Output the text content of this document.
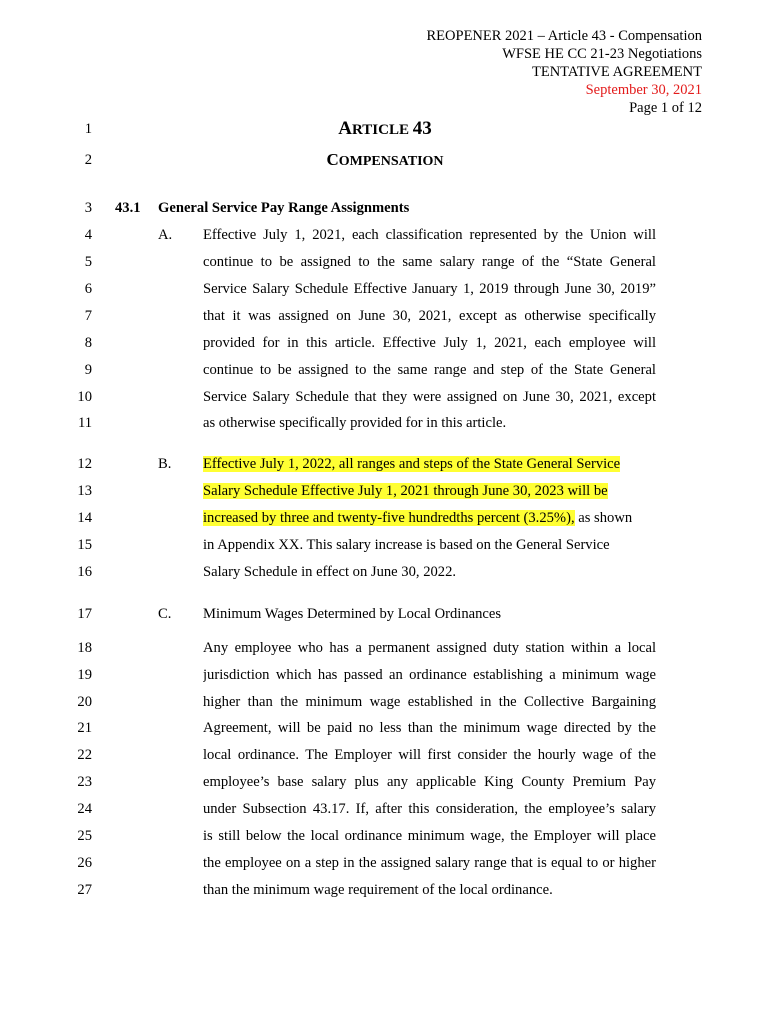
REOPENER 2021 – Article 43 - Compensation
WFSE HE CC 21-23 Negotiations
TENTATIVE AGREEMENT
September 30, 2021
Page 1 of 12
1	ARTICLE 43
2	COMPENSATION
3 43.1 General Service Pay Range Assignments
4	A. Effective July 1, 2021, each classification represented by the Union will
5	continue to be assigned to the same salary range of the “State General
6	Service Salary Schedule Effective January 1, 2019 through June 30, 2019”
7	that it was assigned on June 30, 2021, except as otherwise specifically
8	provided for in this article. Effective July 1, 2021, each employee will
9	continue to be assigned to the same range and step of the State General
10	Service Salary Schedule that they were assigned on June 30, 2021, except
11	as otherwise specifically provided for in this article.
12	B. Effective July 1, 2022, all ranges and steps of the State General Service
13	Salary Schedule Effective July 1, 2021 through June 30, 2023 will be
14	increased by three and twenty-five hundredths percent (3.25%), as shown
15	in Appendix XX. This salary increase is based on the General Service
16	Salary Schedule in effect on June 30, 2022.
17	C. Minimum Wages Determined by Local Ordinances
18	Any employee who has a permanent assigned duty station within a local
19	jurisdiction which has passed an ordinance establishing a minimum wage
20	higher than the minimum wage established in the Collective Bargaining
21	Agreement, will be paid no less than the minimum wage directed by the
22	local ordinance. The Employer will first consider the hourly wage of the
23	employee’s base salary plus any applicable King County Premium Pay
24	under Subsection 43.17. If, after this consideration, the employee’s salary
25	is still below the local ordinance minimum wage, the Employer will place
26	the employee on a step in the assigned salary range that is equal to or higher
27	than the minimum wage requirement of the local ordinance.
